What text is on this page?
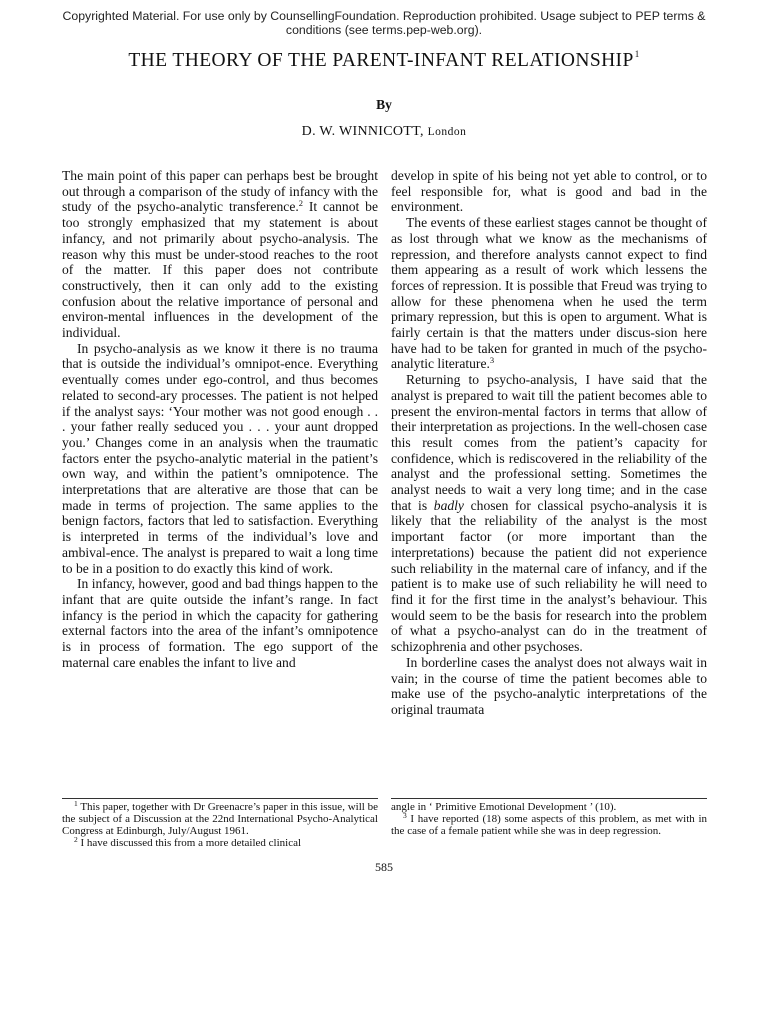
Copyrighted Material. For use only by CounsellingFoundation. Reproduction prohibited. Usage subject to PEP terms &
conditions (see terms.pep-web.org).
THE THEORY OF THE PARENT-INFANT RELATIONSHIP$^1$
By
D. W. WINNICOTT, London

The main point of this paper can perhaps best be brought out through a comparison of the study of infancy with the study of the psycho-analytic transference.$^2$ It cannot be too strongly emphasized that my statement is about infancy, and not primarily about psycho-analysis. The reason why this must be under-stood reaches to the root of the matter. If this paper does not contribute constructively, then it can only add to the existing confusion about the relative importance of personal and environ-mental influences in the development of the individual.

In psycho-analysis as we know it there is no trauma that is outside the individual’s omnipot-ence. Everything eventually comes under ego-control, and thus becomes related to second-ary processes. The patient is not helped if the analyst says: ‘Your mother was not good enough . . . your father really seduced you . . . your aunt dropped you.’ Changes come in an analysis when the traumatic factors enter the psycho-analytic material in the patient’s own way, and within the patient’s omnipotence. The interpretations that are alterative are those that can be made in terms of projection. The same applies to the benign factors, factors that led to satisfaction. Everything is interpreted in terms of the individual’s love and ambival-ence. The analyst is prepared to wait a long time to be in a position to do exactly this kind of work.

In infancy, however, good and bad things happen to the infant that are quite outside the infant’s range. In fact infancy is the period in which the capacity for gathering external factors into the area of the infant’s omnipotence is in process of formation. The ego support of the maternal care enables the infant to live and

develop in spite of his being not yet able to control, or to feel responsible for, what is good and bad in the environment.

The events of these earliest stages cannot be thought of as lost through what we know as the mechanisms of repression, and therefore analysts cannot expect to find them appearing as a result of work which lessens the forces of repression. It is possible that Freud was trying to allow for these phenomena when he used the term primary repression, but this is open to argument. What is fairly certain is that the matters under discus-sion here have had to be taken for granted in much of the psycho-analytic literature.$^3$

Returning to psycho-analysis, I have said that the analyst is prepared to wait till the patient becomes able to present the environ-mental factors in terms that allow of their interpretation as projections. In the well-chosen case this result comes from the patient’s capacity for confidence, which is rediscovered in the reliability of the analyst and the professional setting. Sometimes the analyst needs to wait a very long time; and in the case that is badly chosen for classical psycho-analysis it is likely that the reliability of the analyst is the most important factor (or more important than the interpretations) because the patient did not experience such reliability in the maternal care of infancy, and if the patient is to make use of such reliability he will need to find it for the first time in the analyst’s behaviour. This would seem to be the basis for research into the problem of what a psycho-analyst can do in the treatment of schizophrenia and other psychoses.

In borderline cases the analyst does not always wait in vain; in the course of time the patient becomes able to make use of the psycho-analytic interpretations of the original traumata

$^1$ This paper, together with Dr Greenacre’s paper in this issue, will be the subject of a Discussion at the 22nd International Psycho-Analytical Congress at Edinburgh, July/August 1961.

$^2$ I have discussed this from a more detailed clinical

angle in ‘ Primitive Emotional Development ’ (10).

$^3$ I have reported (18) some aspects of this problem, as met with in the case of a female patient while she was in deep regression.

585
